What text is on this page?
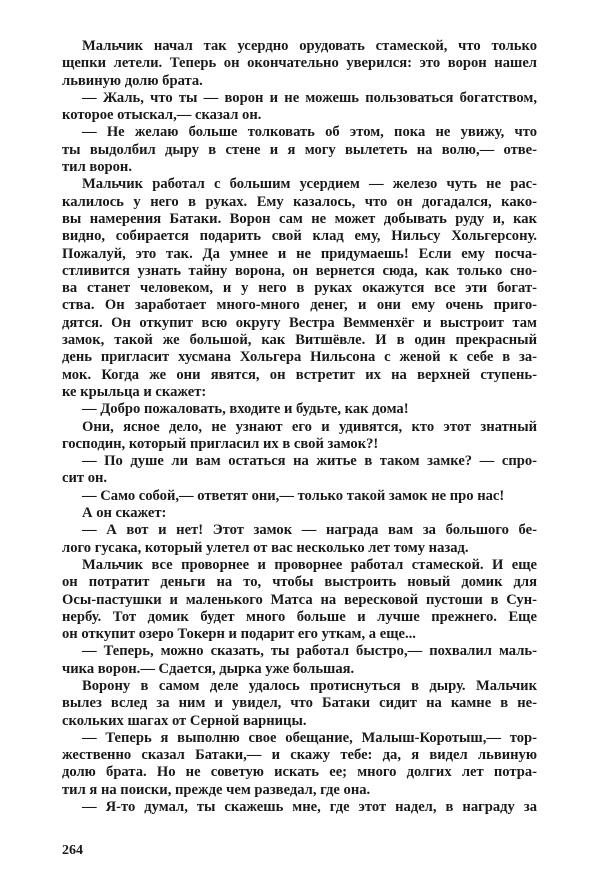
Мальчик начал так усердно орудовать стамеской, что только
щепки летели. Теперь он окончательно уверился: это ворон нашел
львиную долю брата.
— Жаль, что ты — ворон и не можешь пользоваться богатством,
которое отыскал,— сказал он.
— Не желаю больше толковать об этом, пока не увижу, что
ты выдолбил дыру в стене и я могу вылететь на волю,— отве-
тил ворон.
Мальчик работал с большим усердием — железо чуть не рас-
калилось у него в руках. Ему казалось, что он догадался, како-
вы намерения Батаки. Ворон сам не может добывать руду и, как
видно, собирается подарить свой клад ему, Нильсу Хольгерсону.
Пожалуй, это так. Да умнее и не придумаешь! Если ему посча-
стливится узнать тайну ворона, он вернется сюда, как только сно-
ва станет человеком, и у него в руках окажутся все эти богат-
ства. Он заработает много-много денег, и они ему очень приго-
дятся. Он откупит всю округу Вестра Вемменхёг и выстроит там
замок, такой же большой, как Витшёвле. И в один прекрасный
день пригласит хусмана Хольгера Нильсона с женой к себе в за-
мок. Когда же они явятся, он встретит их на верхней ступень-
ке крыльца и скажет:
— Добро пожаловать, входите и будьте, как дома!
Они, ясное дело, не узнают его и удивятся, кто этот знатный
господин, который пригласил их в свой замок?!
— По душе ли вам остаться на житье в таком замке? — спро-
сит он.
— Само собой,— ответят они,— только такой замок не про нас!
А он скажет:
— А вот и нет! Этот замок — награда вам за большого бе-
лого гусака, который улетел от вас несколько лет тому назад.
Мальчик все проворнее и проворнее работал стамеской. И еще
он потратит деньги на то, чтобы выстроить новый домик для
Осы-пастушки и маленького Матса на вересковой пустоши в Сун-
нербу. Тот домик будет много больше и лучше прежнего. Еще
он откупит озеро Токерн и подарит его уткам, а еще...
— Теперь, можно сказать, ты работал быстро,— похвалил маль-
чика ворон.— Сдается, дырка уже большая.
Ворону в самом деле удалось протиснуться в дыру. Мальчик
вылез вслед за ним и увидел, что Батаки сидит на камне в не-
скольких шагах от Серной варницы.
— Теперь я выполню свое обещание, Малыш-Коротыш,— тор-
жественно сказал Батаки,— и скажу тебе: да, я видел львиную
долю брата. Но не советую искать ее; много долгих лет потра-
тил я на поиски, прежде чем разведал, где она.
— Я-то думал, ты скажешь мне, где этот надел, в награду за
264
